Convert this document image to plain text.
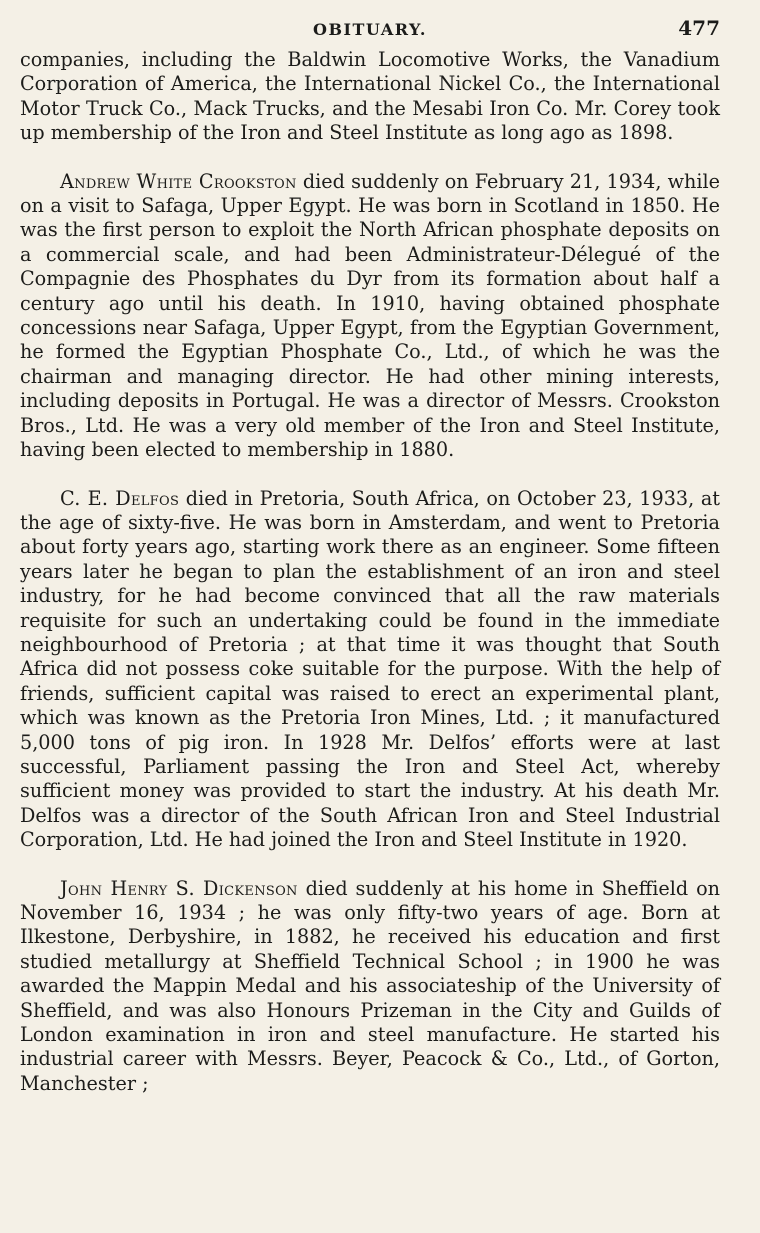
OBITUARY.	477

companies, including the Baldwin Locomotive Works, the Vanadium Corporation of America, the International Nickel Co., the International Motor Truck Co., Mack Trucks, and the Mesabi Iron Co. Mr. Corey took up membership of the Iron and Steel Institute as long ago as 1898.

Andrew White Crookston died suddenly on February 21, 1934, while on a visit to Safaga, Upper Egypt. He was born in Scotland in 1850. He was the first person to exploit the North African phosphate deposits on a commercial scale, and had been Administrateur-Délegué of the Compagnie des Phosphates du Dyr from its formation about half a century ago until his death. In 1910, having obtained phosphate concessions near Safaga, Upper Egypt, from the Egyptian Government, he formed the Egyptian Phosphate Co., Ltd., of which he was the chairman and managing director. He had other mining interests, including deposits in Portugal. He was a director of Messrs. Crookston Bros., Ltd. He was a very old member of the Iron and Steel Institute, having been elected to membership in 1880.

C. E. Delfos died in Pretoria, South Africa, on October 23, 1933, at the age of sixty-five. He was born in Amsterdam, and went to Pretoria about forty years ago, starting work there as an engineer. Some fifteen years later he began to plan the establishment of an iron and steel industry, for he had become convinced that all the raw materials requisite for such an undertaking could be found in the immediate neighbourhood of Pretoria ; at that time it was thought that South Africa did not possess coke suitable for the purpose. With the help of friends, sufficient capital was raised to erect an experimental plant, which was known as the Pretoria Iron Mines, Ltd. ; it manufactured 5,000 tons of pig iron. In 1928 Mr. Delfos’ efforts were at last successful, Parliament passing the Iron and Steel Act, whereby sufficient money was provided to start the industry. At his death Mr. Delfos was a director of the South African Iron and Steel Industrial Corporation, Ltd. He had joined the Iron and Steel Institute in 1920.

John Henry S. Dickenson died suddenly at his home in Sheffield on November 16, 1934 ; he was only fifty-two years of age. Born at Ilkestone, Derbyshire, in 1882, he received his education and first studied metallurgy at Sheffield Technical School ; in 1900 he was awarded the Mappin Medal and his associateship of the University of Sheffield, and was also Honours Prizeman in the City and Guilds of London examination in iron and steel manufacture. He started his industrial career with Messrs. Beyer, Peacock & Co., Ltd., of Gorton, Manchester ;
